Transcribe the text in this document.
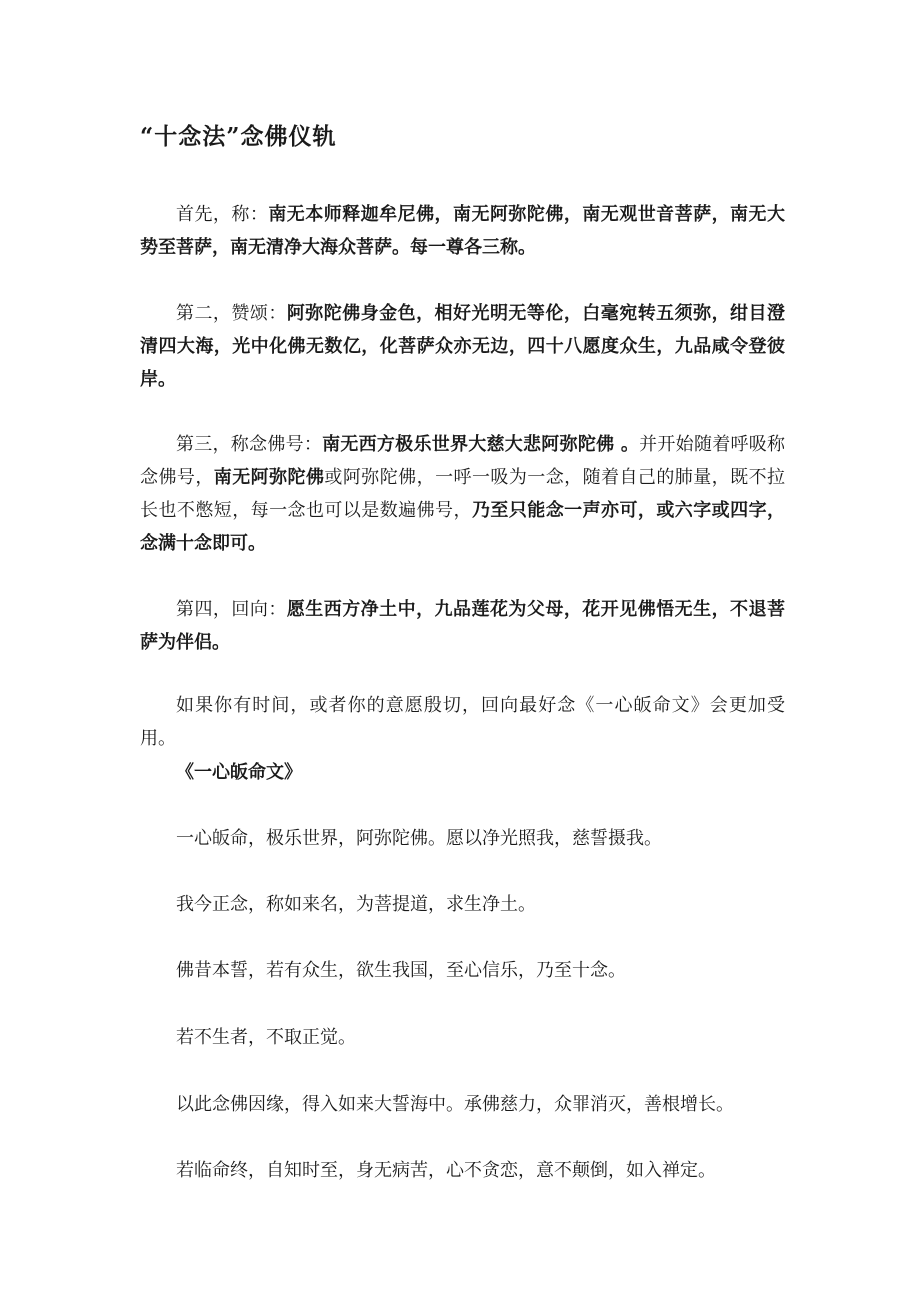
“十念法”念佛仪轨
首先，称：南无本师释迦牟尼佛，南无阿弥陀佛，南无观世音菩萨，南无大势至菩萨，南无清净大海众菩萨。每一尊各三称。
第二，赞颂：阿弥陀佛身金色，相好光明无等伦，白毫宛转五须弥，绀目澄清四大海，光中化佛无数亿，化菩萨众亦无边，四十八愿度众生，九品咸令登彼岸。
第三，称念佛号：南无西方极乐世界大慈大悲阿弥陀佛 。并开始随着呼吸称念佛号，南无阿弥陀佛或阿弥陀佛，一呼一吸为一念，随着自己的肺量，既不拉长也不憋短，每一念也可以是数遍佛号，乃至只能念一声亦可，或六字或四字，念满十念即可。
第四，回向：愿生西方净土中，九品莲花为父母，花开见佛悟无生，不退菩萨为伴侣。
如果你有时间，或者你的意愿殷切，回向最好念《一心皈命文》会更加受用。
《一心皈命文》
一心皈命，极乐世界，阿弥陀佛。愿以净光照我，慈誓摄我。
我今正念，称如来名，为菩提道，求生净土。
佛昔本誓，若有众生，欲生我国，至心信乐，乃至十念。
若不生者，不取正觉。
以此念佛因缘，得入如来大誓海中。承佛慈力，众罪消灭，善根增长。
若临命终，自知时至，身无病苦，心不贪恋，意不颠倒，如入禅定。
